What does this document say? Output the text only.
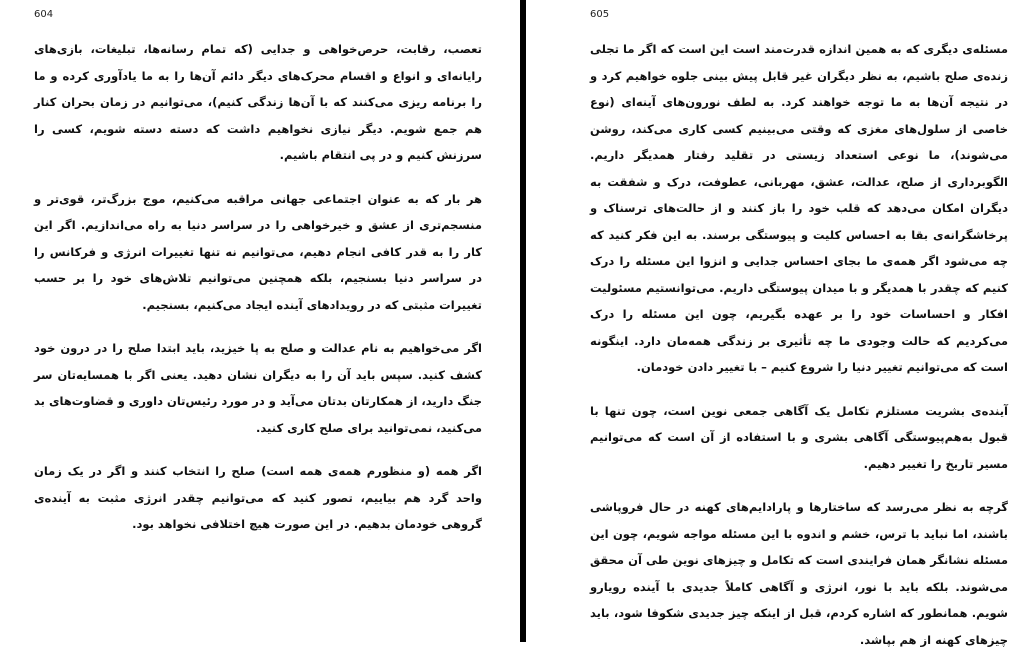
604

تعصب، رقابت، حرص‌خواهی و جدایی (که تمام رسانه‌ها، تبلیغات، بازی‌های رایانه‌ای و انواع و اقسام محرک‌های دیگر دائم آن‌ها را به ما یادآوری کرده و ما را برنامه ریزی می‌کنند که با آن‌ها زندگی کنیم)، می‌توانیم در زمان بحران کنار هم جمع شویم. دیگر نیازی نخواهیم داشت که دسته دسته شویم، کسی را سرزنش کنیم و در پی انتقام باشیم.

هر بار که به عنوان اجتماعی جهانی مراقبه می‌کنیم، موج بزرگ‌تر، قوی‌تر و منسجم‌تری از عشق و خیرخواهی را در سراسر دنیا به راه می‌اندازیم. اگر این کار را به قدر کافی انجام دهیم، می‌توانیم نه تنها تغییرات انرژی و فرکانس را در سراسر دنیا بسنجیم، بلکه همچنین می‌توانیم تلاش‌های خود را بر حسب تغییرات مثبتی که در رویدادهای آینده ایجاد می‌کنیم، بسنجیم.

اگر می‌خواهیم به نام عدالت و صلح به پا خیزید، باید ابتدا صلح را در درون خود کشف کنید. سپس باید آن را به دیگران نشان دهید. یعنی اگر با همسایه‌تان سر جنگ دارید، از همکارتان بدتان می‌آید و در مورد رئیس‌تان داوری و قضاوت‌های بد می‌کنید، نمی‌توانید برای صلح کاری کنید.

اگر همه (و منظورم همه‌ی همه است) صلح را انتخاب کنند و اگر در یک زمان واحد گرد هم بیاییم، تصور کنید که می‌توانیم چقدر انرژی مثبت به آینده‌ی گروهی خودمان بدهیم. در این صورت هیچ اختلافی نخواهد بود.

605

مسئله‌ی دیگری که به همین اندازه قدرت‌مند است این است که اگر ما تجلی زنده‌ی صلح باشیم، به نظر دیگران غیر قابل پیش بینی جلوه خواهیم کرد و در نتیجه آن‌ها به ما توجه خواهند کرد. به لطف نورون‌های آینه‌ای (نوع خاصی از سلول‌های مغزی که وقتی می‌بینیم کسی کاری می‌کند، روشن می‌شوند)، ما نوعی استعداد زیستی در تقلید رفتار همدیگر داریم. الگوبرداری از صلح، عدالت، عشق، مهربانی، عطوفت، درک و شفقت به دیگران امکان می‌دهد که قلب خود را باز کنند و از حالت‌های ترسناک و پرخاشگرانه‌ی بقا به احساس کلیت و پیوستگی برسند. به این فکر کنید که چه می‌شود اگر همه‌ی ما بجای احساس جدایی و انزوا این مسئله را درک کنیم که چقدر با همدیگر و با میدان پیوستگی داریم. می‌توانستیم مسئولیت افکار و احساسات خود را بر عهده بگیریم، چون این مسئله را درک می‌کردیم که حالت وجودی ما چه تأثیری بر زندگی همه‌مان دارد. اینگونه است که می‌توانیم تغییر دنیا را شروع کنیم – با تغییر دادن خودمان.

آینده‌ی بشریت مستلزم تکامل یک آگاهی جمعی نوین است، چون تنها با قبول به‌هم‌پیوستگی آگاهی بشری و با استفاده از آن است که می‌توانیم مسیر تاریخ را تغییر دهیم.

گرچه به نظر می‌رسد که ساختارها و پارادایم‌های کهنه در حال فروپاشی باشند، اما نباید با ترس، خشم و اندوه با این مسئله مواجه شویم، چون این مسئله نشانگر همان فرایندی است که تکامل و چیزهای نوین طی آن محقق می‌شوند. بلکه باید با نور، انرژی و آگاهی کاملاً جدیدی با آینده رویارو شویم. همانطور که اشاره کردم، قبل از اینکه چیز جدیدی شکوفا شود، باید چیزهای کهنه از هم بپاشد.
